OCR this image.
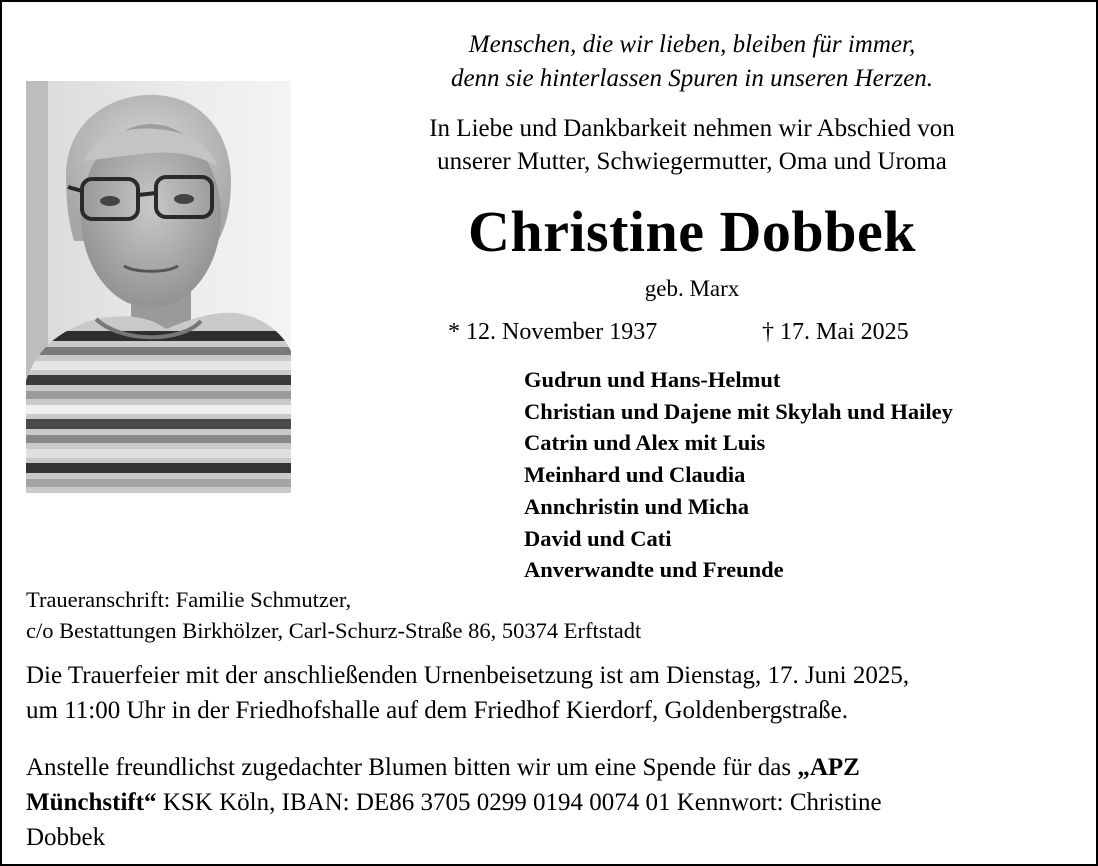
Menschen, die wir lieben, bleiben für immer,
denn sie hinterlassen Spuren in unseren Herzen.
In Liebe und Dankbarkeit nehmen wir Abschied von
unserer Mutter, Schwiegermutter, Oma und Uroma
Christine Dobbek
geb. Marx
* 12. November 1937	† 17. Mai 2025
Gudrun und Hans-Helmut
Christian und Dajene mit Skylah und Hailey
Catrin und Alex mit Luis
Meinhard und Claudia
Annchristin und Micha
David und Cati
Anverwandte und Freunde
Traueranschrift: Familie Schmutzer,
c/o Bestattungen Birkhölzer, Carl-Schurz-Straße 86, 50374 Erftstadt
Die Trauerfeier mit der anschließenden Urnenbeisetzung ist am Dienstag, 17. Juni 2025,
um 11:00 Uhr in der Friedhofshalle auf dem Friedhof Kierdorf, Goldenbergstraße.
Anstelle freundlichst zugedachter Blumen bitten wir um eine Spende für das „APZ
Münchstift“ KSK Köln, IBAN: DE86 3705 0299 0194 0074 01 Kennwort: Christine
Dobbek
